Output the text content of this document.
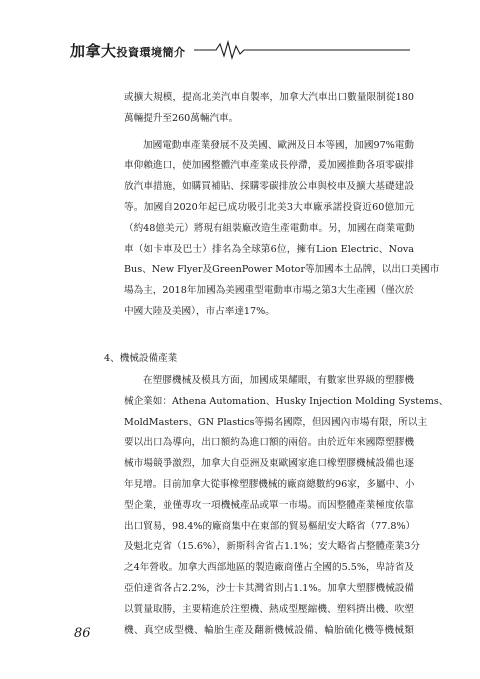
加拿大投資環境簡介
或擴大規模，提高北美汽車自製率，加拿大汽車出口數量限制從180
萬輛提升至260萬輛汽車。
加國電動車產業發展不及美國、歐洲及日本等國，加國97%電動
車仰賴進口，使加國整體汽車產業成長停滯，爰加國推動各項零碳排
放汽車措施，如購買補貼、採購零碳排放公車與校車及擴大基礎建設
等。加國自2020年起已成功吸引北美3大車廠承諾投資近60億加元
（約48億美元）將現有組裝廠改造生產電動車。另，加國在商業電動
車（如卡車及巴士）排名為全球第6位，擁有Lion Electric、Nova
Bus、New Flyer及GreenPower Motor等加國本土品牌，以出口美國市
場為主，2018年加國為美國重型電動車市場之第3大生產國（僅次於
中國大陸及美國），市占率達17%。
4、機械設備產業
在塑膠機械及模具方面，加國成果耀眼，有數家世界級的塑膠機
械企業如：Athena Automation、Husky Injection Molding Systems、
MoldMasters、GN Plastics等揚名國際，但因國內市場有限，所以主
要以出口為導向，出口額約為進口額的兩倍。由於近年來國際塑膠機
械市場競爭激烈，加拿大自亞洲及東歐國家進口橡塑膠機械設備也逐
年見增。目前加拿大從事橡塑膠機械的廠商總數約96家，多屬中、小
型企業，並僅專攻一項機械產品或單一市場。而因整體產業極度依靠
出口貿易，98.4%的廠商集中在東部的貿易樞紐安大略省（77.8%）
及魁北克省（15.6%），新斯科舍省占1.1%；安大略省占整體產業3分
之4年營收。加拿大西部地區的製造廠商僅占全國的5.5%，卑詩省及
亞伯達省各占2.2%，沙士卡其灣省則占1.1%。加拿大塑膠機械設備
以質量取勝，主要精進於注塑機、熱成型壓縮機、塑料擠出機、吹塑
機、真空成型機、輪胎生產及翻新機械設備、輪胎硫化機等機械類
86
